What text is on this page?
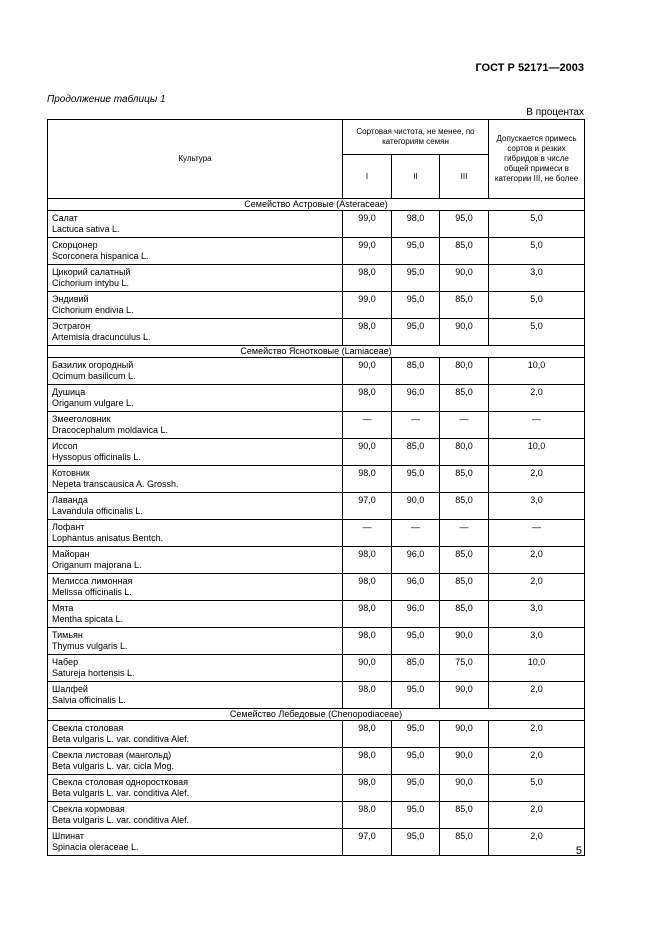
ГОСТ Р 52171—2003
Продолжение таблицы 1
В процентах
Культура	Сортовая чистота, не менее, по категориям семян			Допускается примесь сортов и резких гибридов в числе общей примеси в категории III, не более
	I	II	III	
Семейство Астровые (Asteraceae)				

Салат
Lactuca sativa L.	99,0	98,0	95,0	5,0

Скорцонер
Scorconera hispanica L.	99,0	95,0	85,0	5,0

Цикорий салатный
Cichorium intybu L.	98,0	95,0	90,0	3,0

Эндивий
Cichorium endivia L.	99,0	95,0	85,0	5,0

Эстрагон
Artemisia dracunculus L.	98,0	95,0	90,0	5,0
Семейство Яснотковые (Lamiaceae)				

Базилик огородный
Ocimum basilicum L.	90,0	85,0	80,0	10,0

Душица
Origanum vulgare L.	98,0	96,0	85,0	2,0

Змееголовник
Dracocephalum moldavica L.	—	—	—	—

Иссоп
Hyssopus officinalis L.	90,0	85,0	80,0	10,0

Котовник
Nepeta transcausica A. Grossh.	98,0	95,0	85,0	2,0

Лаванда
Lavandula officinalis L.	97,0	90,0	85,0	3,0

Лофант
Lophantus anisatus Bentch.	—	—	—	—

Майоран
Origanum majorana L.	98,0	96,0	85,0	2,0

Мелисса лимонная
Melissa officinalis L.	98,0	96,0	85,0	2,0

Мята
Mentha spicata L.	98,0	96,0	85,0	3,0

Тимьян
Thymus vulgaris L.	98,0	95,0	90,0	3,0

Чабер
Satureja hortensis L.	90,0	85,0	75,0	10,0

Шалфей
Salvia officinalis L.	98,0	95,0	90,0	2,0
Семейство Лебедовые (Chenopodiaceae)				

Свекла столовая
Beta vulgaris L. var. conditiva Alef.	98,0	95,0	90,0	2,0

Свекла листовая (мангольд)
Beta vulgaris L. var. cicla Mog.	98,0	95,0	90,0	2,0

Свекла столовая одноростковая
Beta vulgaris L. var. conditiva Alef.	98,0	95,0	90,0	5,0

Свекла кормовая
Beta vulgaris L. var. conditiva Alef.	98,0	95,0	85,0	2,0

Шпинат
Spinacia oleraceae L.	97,0	95,0	85,0	2,0
5
